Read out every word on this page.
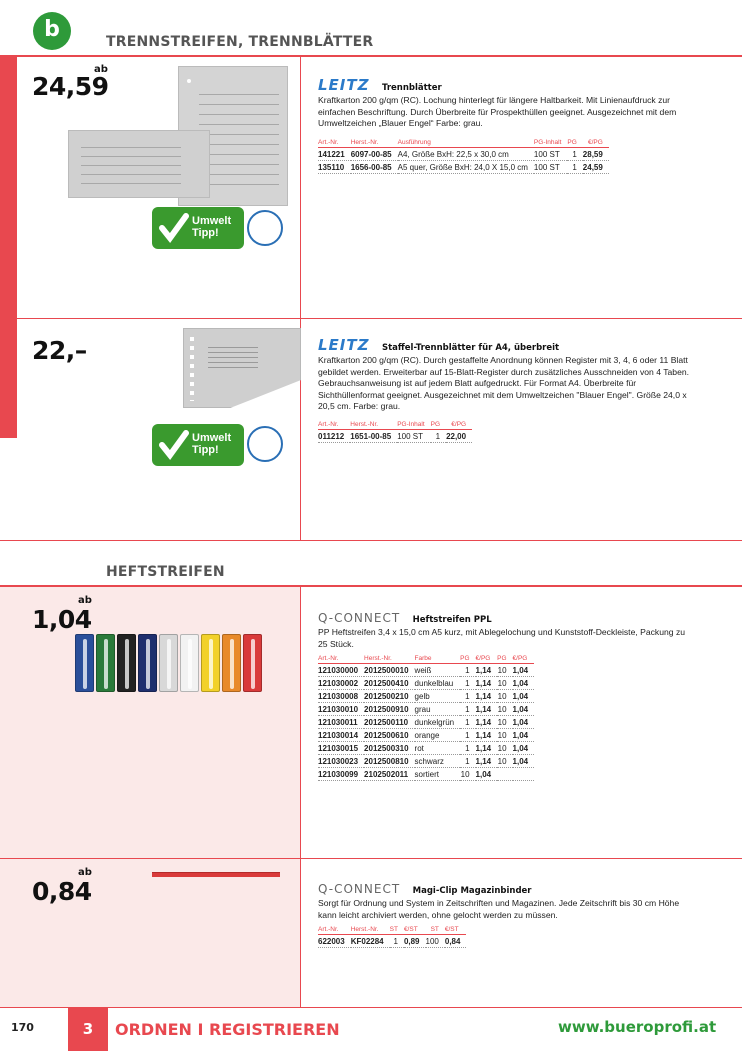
b	TRENNSTREIFEN, TRENNBLÄTTER
ab
24,59
Umwelt
Tipp!
LEITZ Trennblätter
Kraftkarton 200 g/qm (RC). Lochung hinterlegt für längere Haltbarkeit. Mit Linienaufdruck zur einfachen Beschriftung. Durch Überbreite für Prospekthüllen geeignet. Ausgezeichnet mit dem Umweltzeichen „Blauer Engel“ Farbe: grau.
Art.-Nr.	Herst.-Nr.	Ausführung	PG-Inhalt	PG	€/PG
141221	6097-00-85	A4, Größe BxH: 22,5 x 30,0 cm	100 ST	1	28,59
135110	1656-00-85	A5 quer, Größe BxH: 24,0 X 15,0 cm	100 ST	1	24,59
22,–
Umwelt
Tipp!
LEITZ Staffel-Trennblätter für A4, überbreit
Kraftkarton 200 g/qm (RC). Durch gestaffelte Anordnung können Register mit 3, 4, 6 oder 11 Blatt gebildet werden. Erweiterbar auf 15-Blatt-Register durch zusätzliches Ausschneiden von 4 Taben. Gebrauchsanweisung ist auf jedem Blatt aufgedruckt. Für Format A4. Überbreite für Sichthüllenformat geeignet. Ausgezeichnet mit dem Umweltzeichen "Blauer Engel". Größe 24,0 x 20,5 cm. Farbe: grau.
Art.-Nr.	Herst.-Nr.	PG-Inhalt	PG	€/PG
011212	1651-00-85	100 ST	1	22,00
HEFTSTREIFEN
ab
1,04	Q-CONNECT Heftstreifen PPL
PP Heftstreifen 3,4 x 15,0 cm A5 kurz, mit Ablegelochung und Kunststoff-Deckleiste, Packung zu 25 Stück.
Art.-Nr.	Herst.-Nr.	Farbe	PG	€/PG	PG	€/PG
121030000	2012500010	weiß	1	1,14	10	1,04
121030002	2012500410	dunkelblau	1	1,14	10	1,04
121030008	2012500210	gelb	1	1,14	10	1,04
121030010	2012500910	grau	1	1,14	10	1,04
121030011	2012500110	dunkelgrün	1	1,14	10	1,04
121030014	2012500610	orange	1	1,14	10	1,04
121030015	2012500310	rot	1	1,14	10	1,04
121030023	2012500810	schwarz	1	1,14	10	1,04
121030099	2102502011	sortiert	10	1,04		
ab
0,84	Q-CONNECT Magi-Clip Magazinbinder
Sorgt für Ordnung und System in Zeitschriften und Magazinen. Jede Zeitschrift bis 30 cm Höhe kann leicht archiviert werden, ohne gelocht werden zu müssen.
Art.-Nr.	Herst.-Nr.	ST	€/ST	ST	€/ST
622003	KF02284	1	0,89	100	0,84
170	3	ORDNEN I REGISTRIEREN	www.bueroprofi.at
